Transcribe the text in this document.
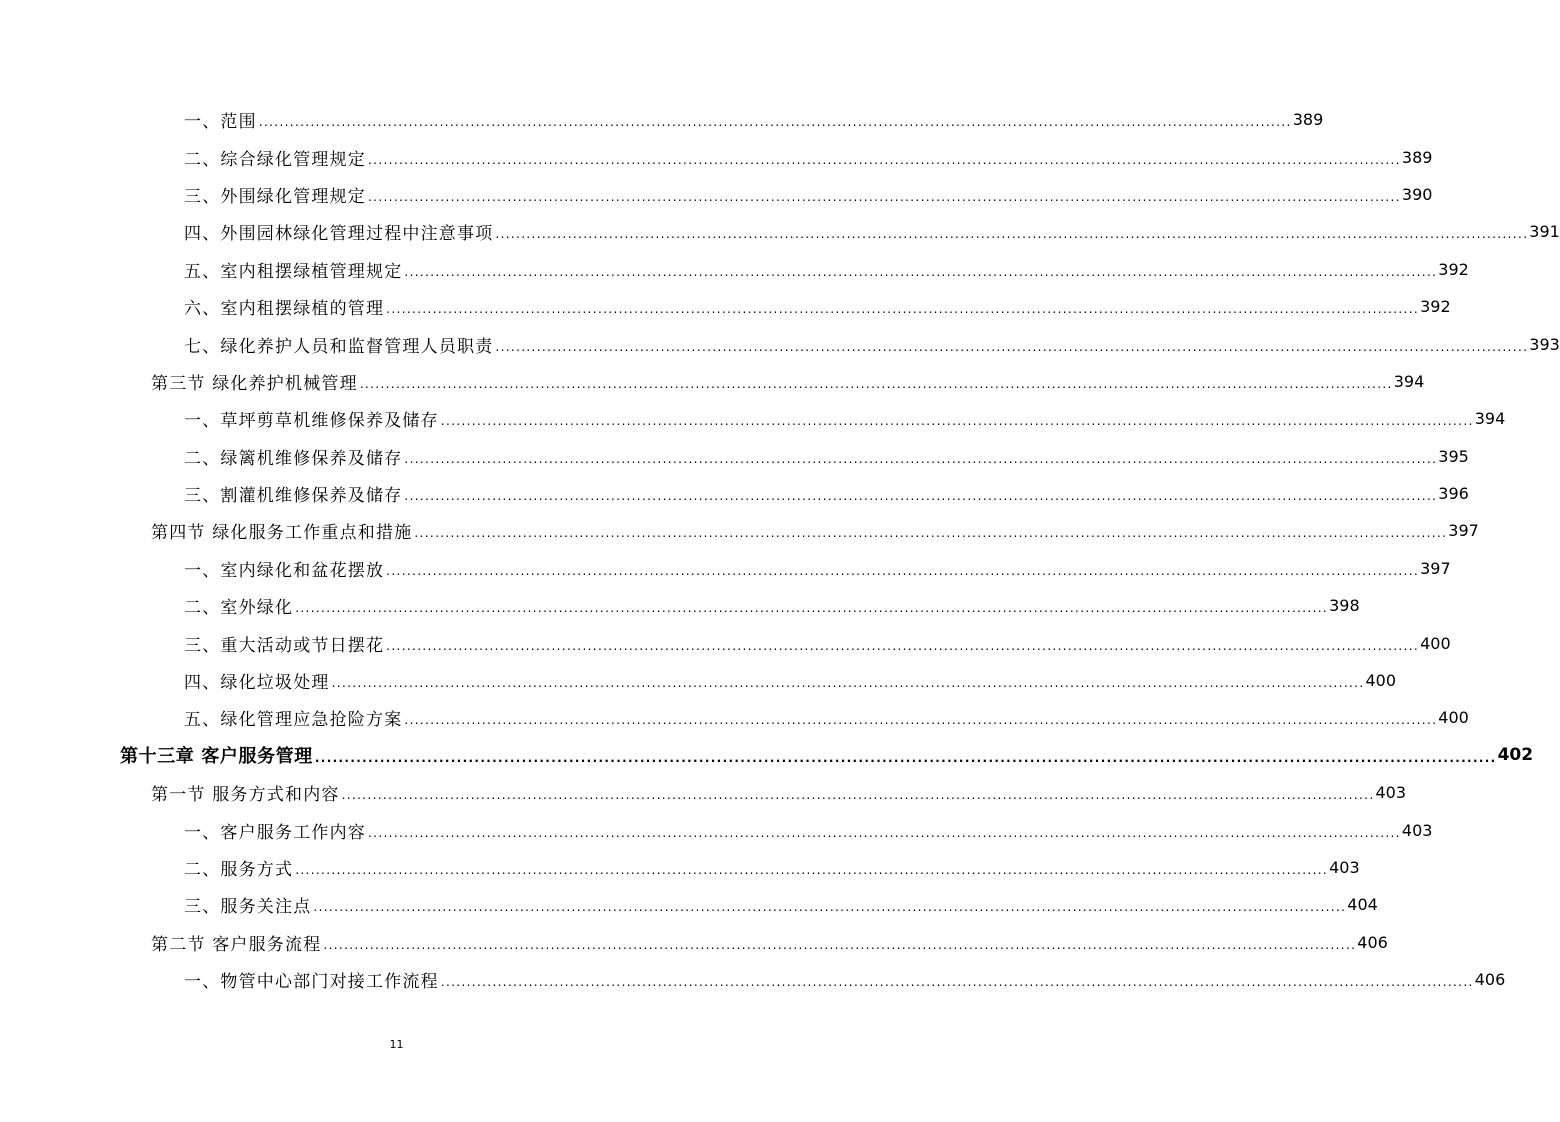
一、范围 ........................................................................................................................................................................................................ 389
二、综合绿化管理规定 ........................................................................................................................................................................................................ 389
三、外围绿化管理规定 ........................................................................................................................................................................................................ 390
四、外围园林绿化管理过程中注意事项 ........................................................................................................................................................................................................ 391
五、室内租摆绿植管理规定 ........................................................................................................................................................................................................ 392
六、室内租摆绿植的管理 ........................................................................................................................................................................................................ 392
七、绿化养护人员和监督管理人员职责 ........................................................................................................................................................................................................ 393
第三节 绿化养护机械管理 ........................................................................................................................................................................................................ 394
一、草坪剪草机维修保养及储存 ........................................................................................................................................................................................................ 394
二、绿篱机维修保养及储存 ........................................................................................................................................................................................................ 395
三、割灌机维修保养及储存 ........................................................................................................................................................................................................ 396
第四节 绿化服务工作重点和措施 ........................................................................................................................................................................................................ 397
一、室内绿化和盆花摆放 ........................................................................................................................................................................................................ 397
二、室外绿化 ........................................................................................................................................................................................................ 398
三、重大活动或节日摆花 ........................................................................................................................................................................................................ 400
四、绿化垃圾处理 ........................................................................................................................................................................................................ 400
五、绿化管理应急抢险方案 ........................................................................................................................................................................................................ 400
第十三章 客户服务管理 ........................................................................................................................................................................................................ 402
第一节 服务方式和内容 ........................................................................................................................................................................................................ 403
一、客户服务工作内容 ........................................................................................................................................................................................................ 403
二、服务方式 ........................................................................................................................................................................................................ 403
三、服务关注点 ........................................................................................................................................................................................................ 404
第二节 客户服务流程 ........................................................................................................................................................................................................ 406
一、物管中心部门对接工作流程 ........................................................................................................................................................................................................ 406
11
